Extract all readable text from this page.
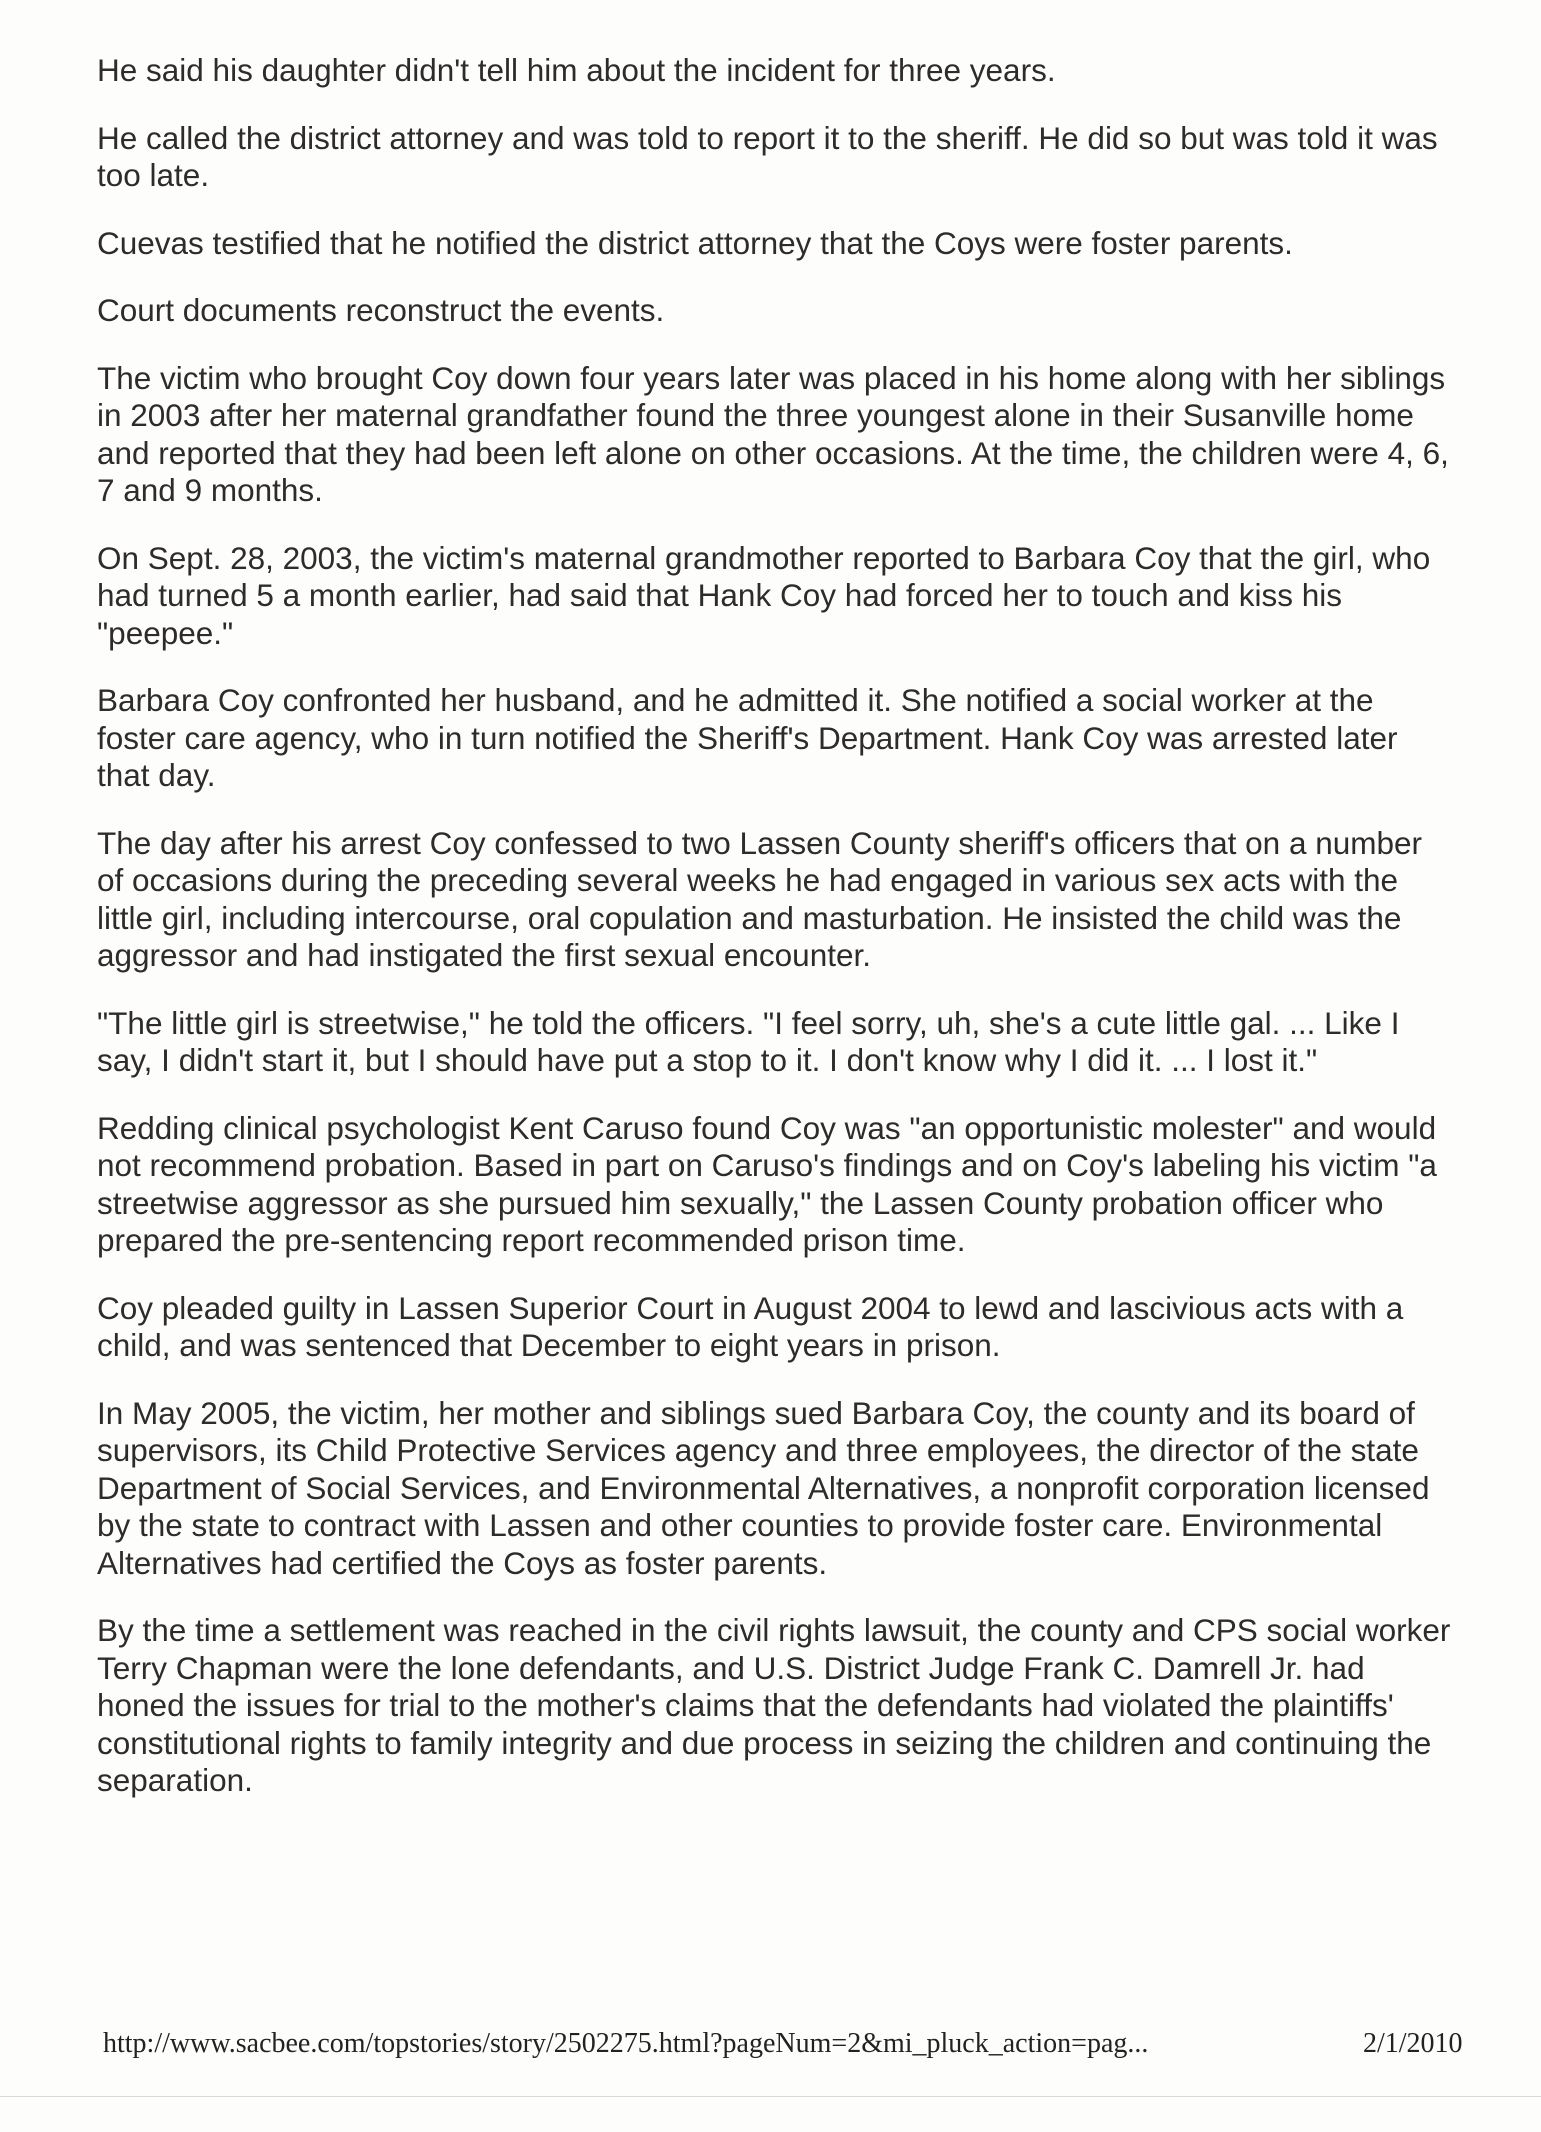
He said his daughter didn't tell him about the incident for three years.

He called the district attorney and was told to report it to the sheriff. He did so but was told it was too late.

Cuevas testified that he notified the district attorney that the Coys were foster parents.

Court documents reconstruct the events.

The victim who brought Coy down four years later was placed in his home along with her siblings in 2003 after her maternal grandfather found the three youngest alone in their Susanville home and reported that they had been left alone on other occasions. At the time, the children were 4, 6, 7 and 9 months.

On Sept. 28, 2003, the victim's maternal grandmother reported to Barbara Coy that the girl, who had turned 5 a month earlier, had said that Hank Coy had forced her to touch and kiss his "peepee."

Barbara Coy confronted her husband, and he admitted it. She notified a social worker at the foster care agency, who in turn notified the Sheriff's Department. Hank Coy was arrested later that day.

The day after his arrest Coy confessed to two Lassen County sheriff's officers that on a number of occasions during the preceding several weeks he had engaged in various sex acts with the little girl, including intercourse, oral copulation and masturbation. He insisted the child was the aggressor and had instigated the first sexual encounter.

"The little girl is streetwise," he told the officers. "I feel sorry, uh, she's a cute little gal. ... Like I say, I didn't start it, but I should have put a stop to it. I don't know why I did it. ... I lost it."

Redding clinical psychologist Kent Caruso found Coy was "an opportunistic molester" and would not recommend probation. Based in part on Caruso's findings and on Coy's labeling his victim "a streetwise aggressor as she pursued him sexually," the Lassen County probation officer who prepared the pre-sentencing report recommended prison time.

Coy pleaded guilty in Lassen Superior Court in August 2004 to lewd and lascivious acts with a child, and was sentenced that December to eight years in prison.

In May 2005, the victim, her mother and siblings sued Barbara Coy, the county and its board of supervisors, its Child Protective Services agency and three employees, the director of the state Department of Social Services, and Environmental Alternatives, a nonprofit corporation licensed by the state to contract with Lassen and other counties to provide foster care. Environmental Alternatives had certified the Coys as foster parents.

By the time a settlement was reached in the civil rights lawsuit, the county and CPS social worker Terry Chapman were the lone defendants, and U.S. District Judge Frank C. Damrell Jr. had honed the issues for trial to the mother's claims that the defendants had violated the plaintiffs' constitutional rights to family integrity and due process in seizing the children and continuing the separation.

http://www.sacbee.com/topstories/story/2502275.html?pageNum=2&mi_pluck_action=pag...	2/1/2010
